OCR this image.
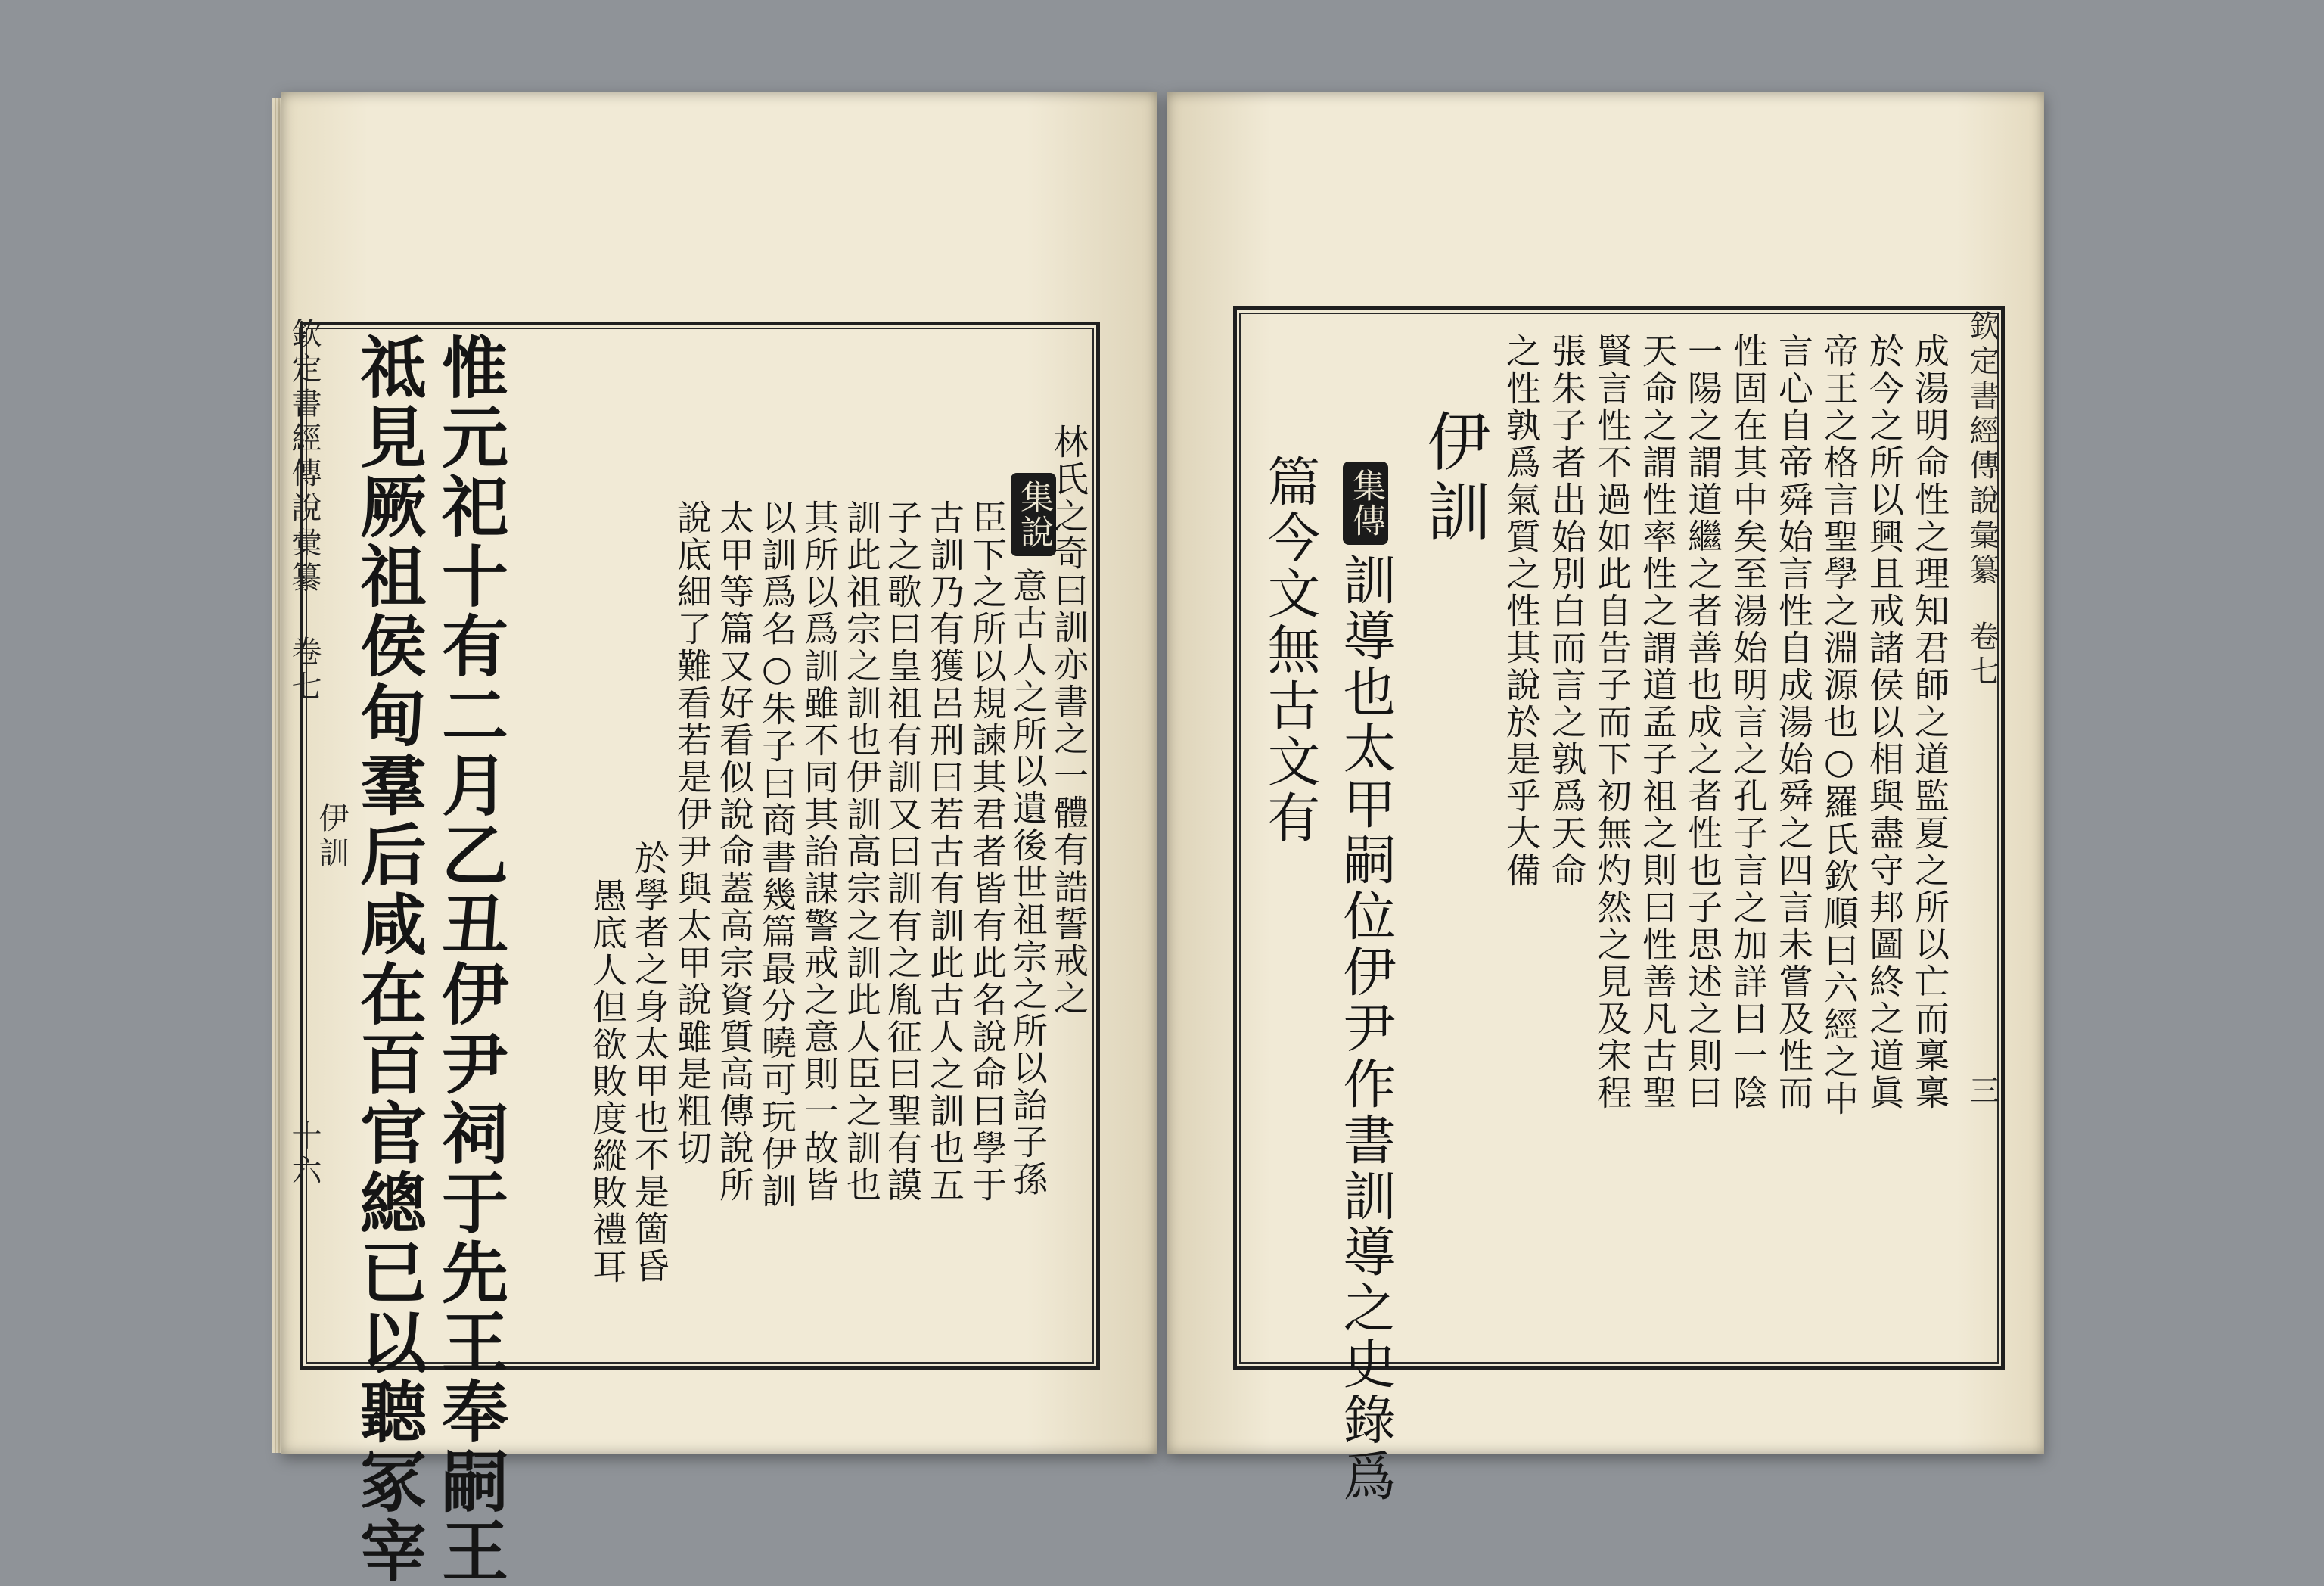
欽定書經傳說彙纂
卷七
伊訓
十六 惟元祀十有二月乙丑伊尹祠于先王奉嗣王
祗見厥祖侯甸羣后咸在百官總已以聽冢宰	集說
林氏之奇曰訓亦書之一體有誥誓戒之
意古人之所以遺後世祖宗之所以詒子孫
臣下之所以規諫其君者皆有此名說命曰學于
古訓乃有獲呂刑曰若古有訓此古人之訓也五
子之歌曰皇祖有訓又曰訓有之胤征曰聖有謨
訓此祖宗之訓也伊訓高宗之訓此人臣之訓也
其所以爲訓雖不同其詒謀警戒之意則一故皆
以訓爲名○朱子曰商書幾篇最分曉可玩伊訓
太甲等篇又好看似說命蓋高宗資質高傳說所
說底細了難看若是伊尹與太甲說雖是粗切
於學者之身太甲也不是箇昏
愚底人但欲敗度縱敗禮耳
欽定書經傳說彙纂
卷七
三
成湯明命性之理知君師之道監夏之所以亡而稟稟
於今之所以興且戒諸侯以相與盡守邦圖終之道眞
帝王之格言聖學之淵源也○羅氏欽順曰六經之中
言心自帝舜始言性自成湯始舜之四言未嘗及性而
性固在其中矣至湯始明言之孔子言之加詳曰一陰
一陽之謂道繼之者善也成之者性也子思述之則曰
天命之謂性率性之謂道孟子祖之則曰性善凡古聖
賢言性不過如此自告子而下初無灼然之見及宋程
張朱子者出始別白而言之孰爲天命
之性孰爲氣質之性其說於是乎大備
伊訓
集傳
訓導也太甲嗣位伊尹作書訓導之史錄爲
篇今文無古文有
